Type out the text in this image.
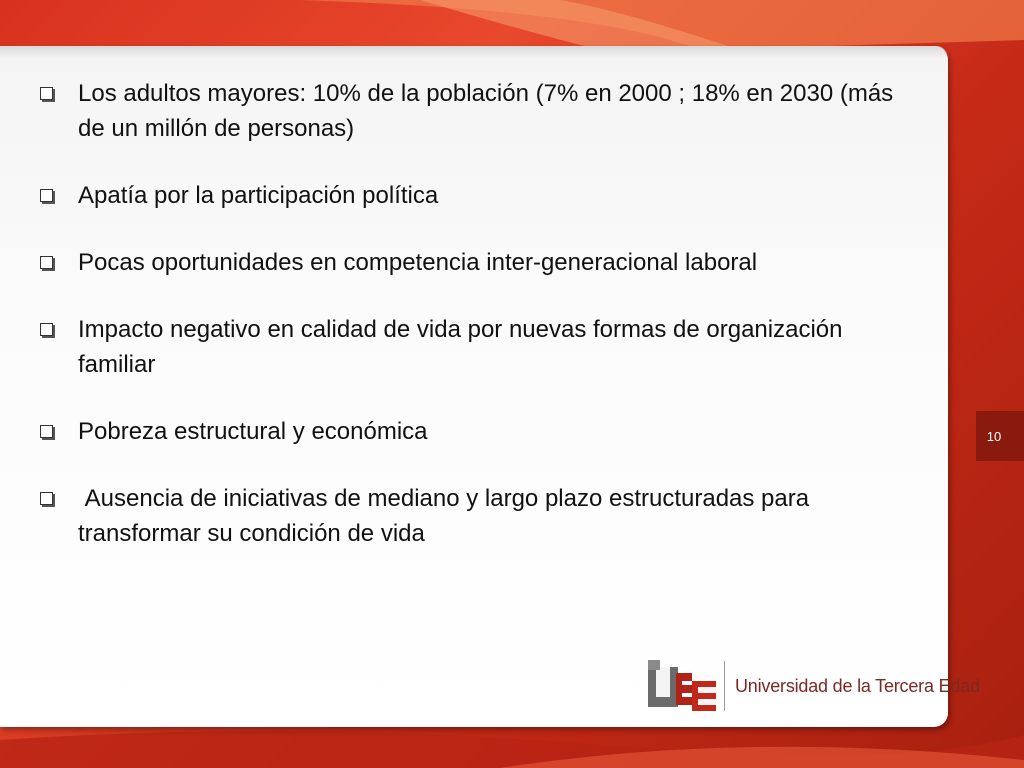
Los adultos mayores: 10% de la población (7% en 2000 ; 18% en 2030 (más de un millón de personas)
Apatía por la participación política
Pocas oportunidades en competencia inter-generacional laboral
Impacto negativo en calidad de vida por nuevas formas de organización familiar
Pobreza estructural y económica
Ausencia de iniciativas de mediano y largo plazo estructuradas para transformar su condición de vida
10
Universidad de la Tercera Edad
